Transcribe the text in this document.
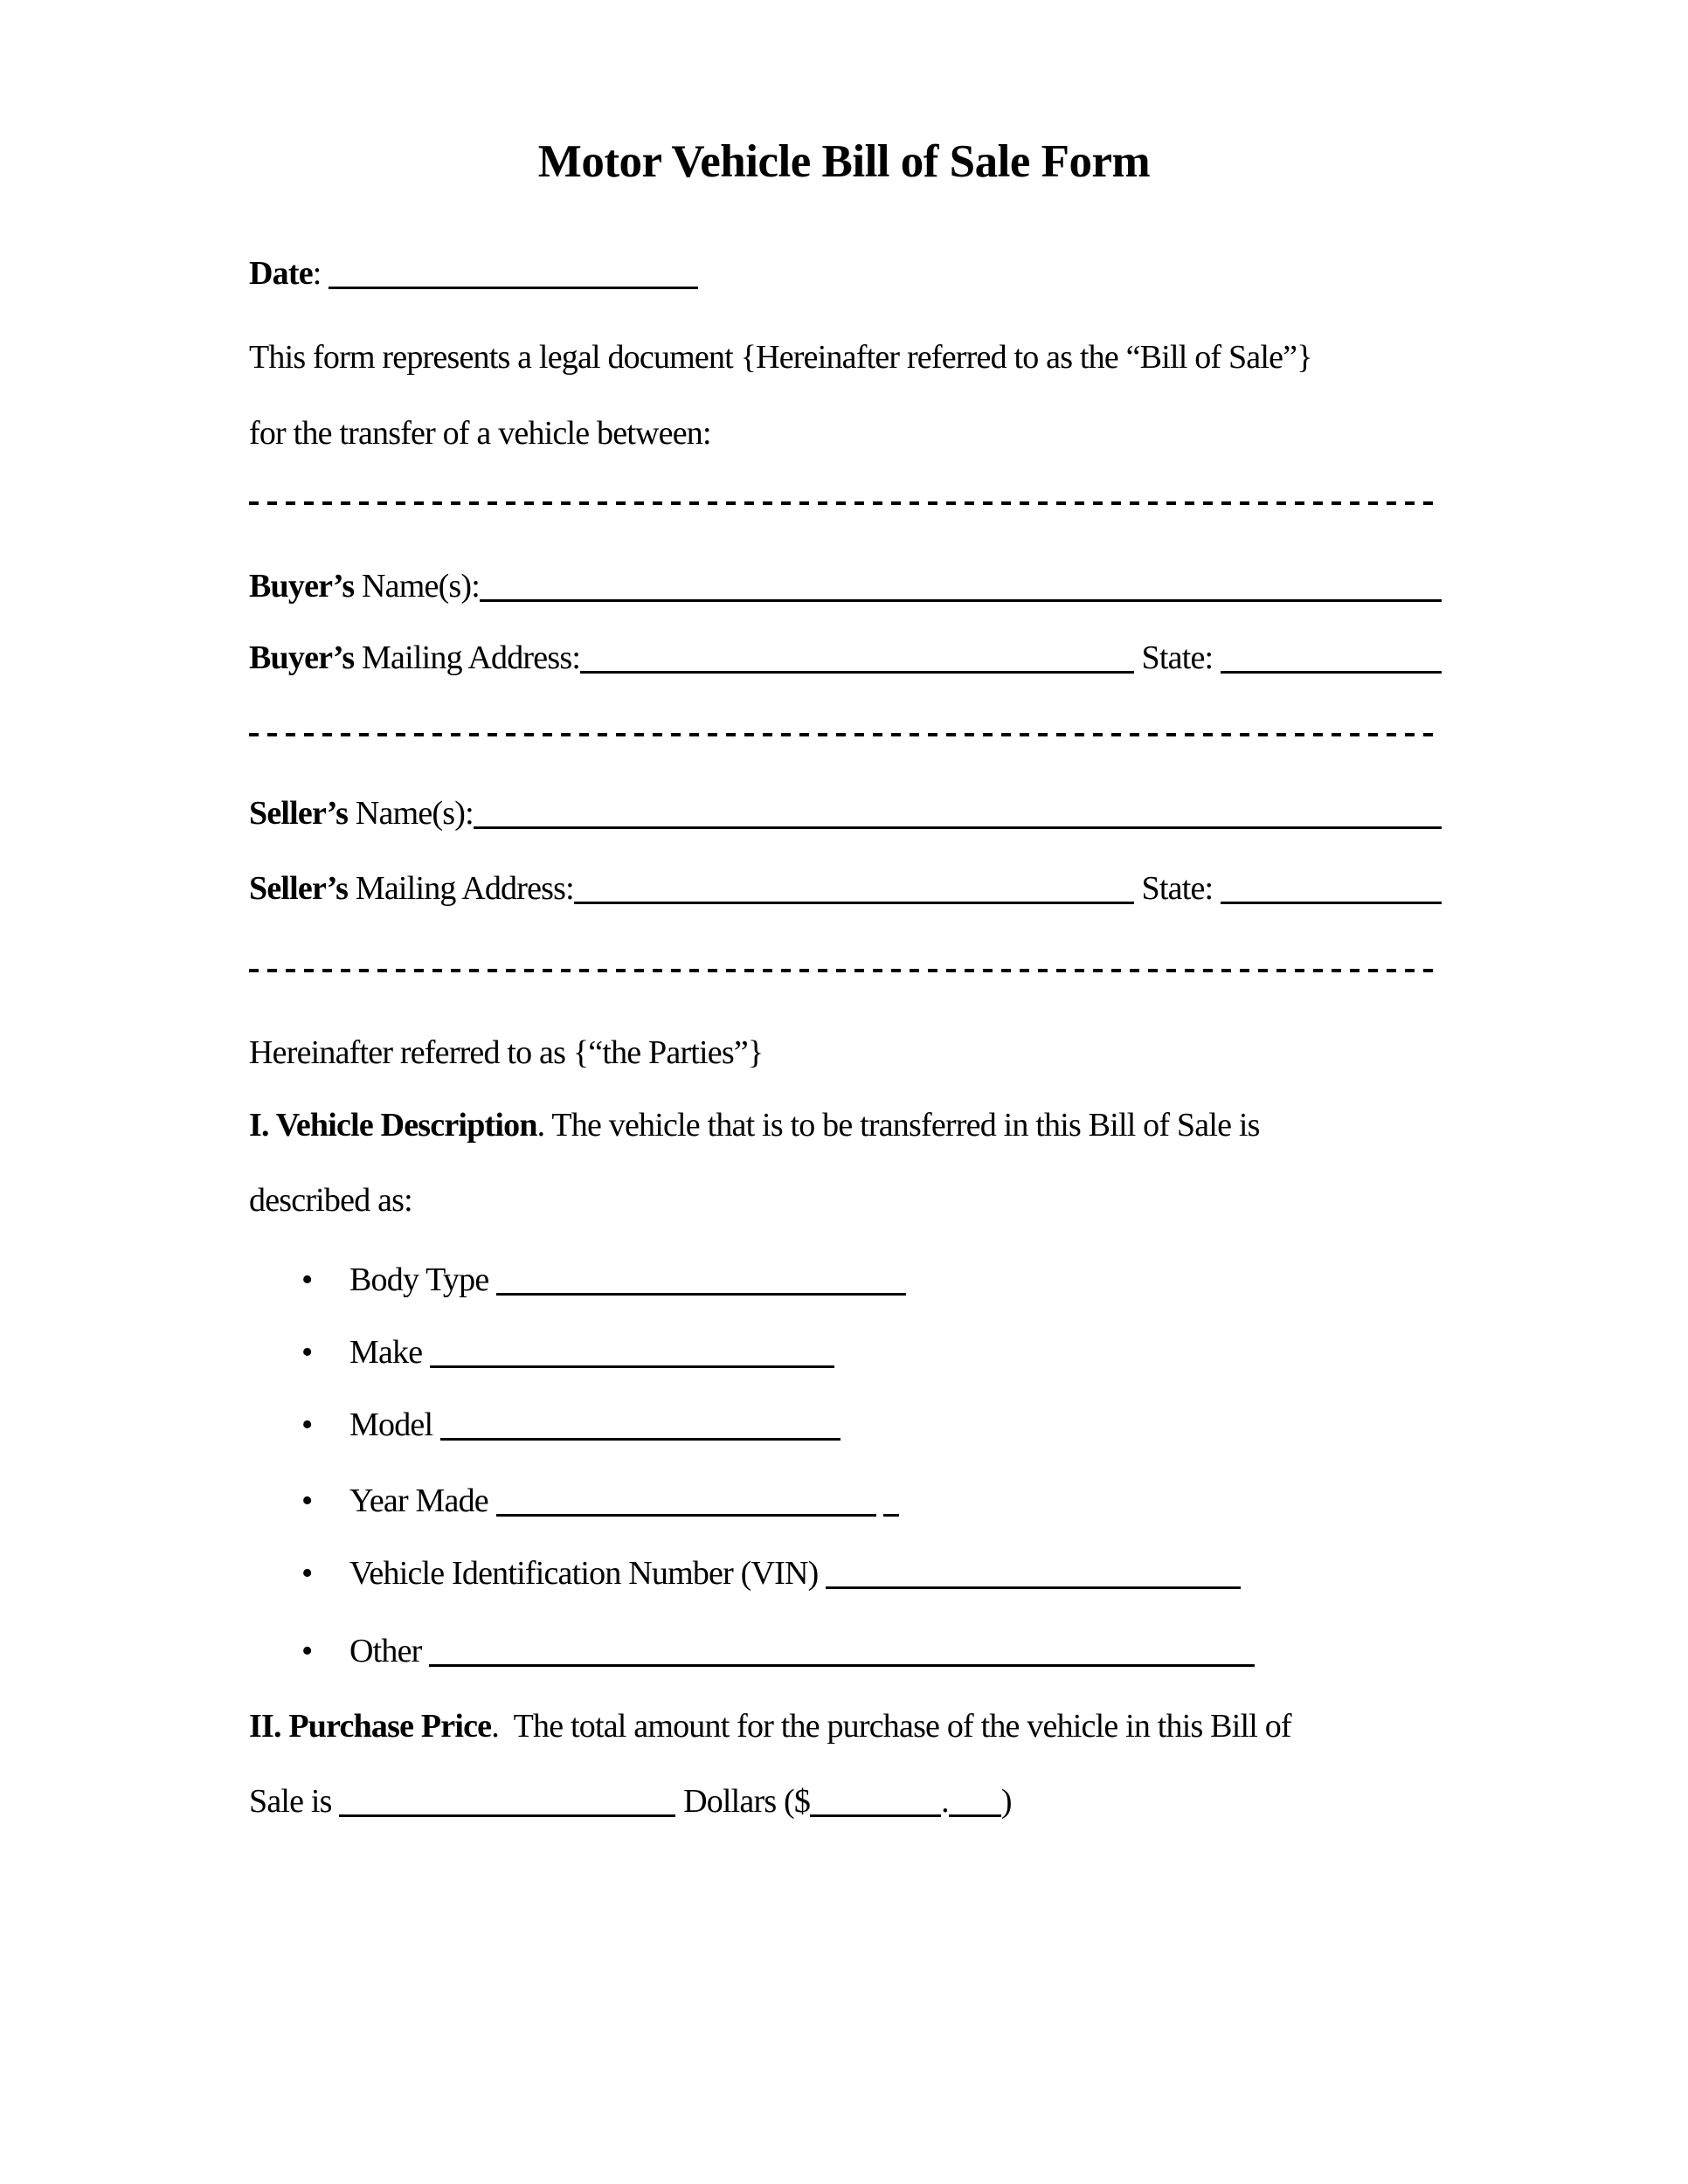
Motor Vehicle Bill of Sale Form
Date:
This form represents a legal document {Hereinafter referred to as the “Bill of Sale”}
for the transfer of a vehicle between:
Buyer’s Name(s):
Buyer’s Mailing Address:	State:
Seller’s Name(s):
Seller’s Mailing Address:	State:
Hereinafter referred to as {“the Parties”}
I. Vehicle Description. The vehicle that is to be transferred in this Bill of Sale is
described as:
• Body Type
• Make
• Model
• Year Made
• Vehicle Identification Number (VIN)
• Other
II. Purchase Price.  The total amount for the purchase of the vehicle in this Bill of
Sale is	Dollars ($	. )
